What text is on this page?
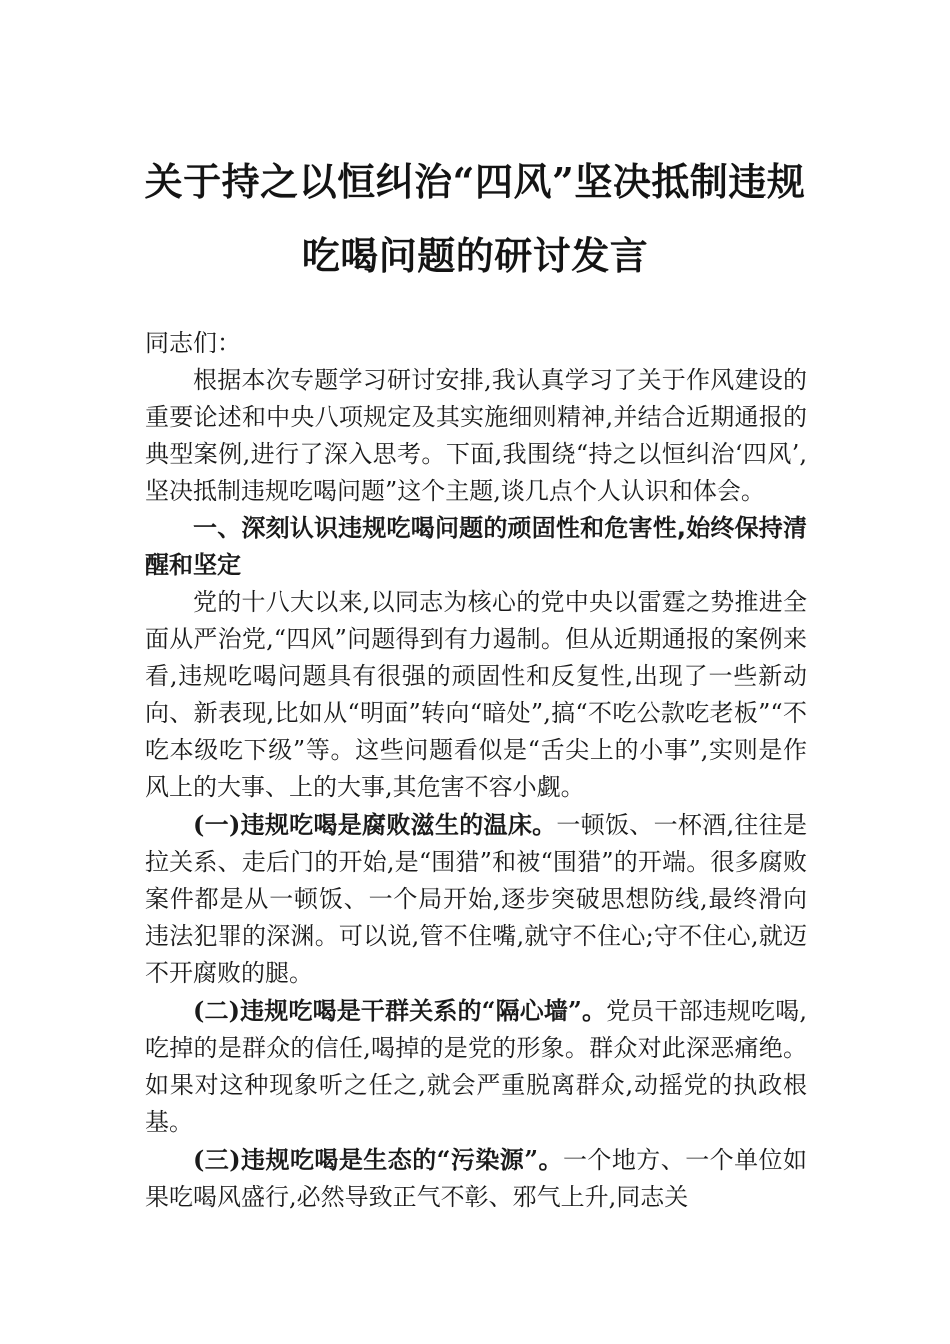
关于持之以恒纠治“四风”坚决抵制违规
吃喝问题的研讨发言

同志们：

根据本次专题学习研讨安排,我认真学习了关于作风建设的重要论述和中央八项规定及其实施细则精神,并结合近期通报的典型案例,进行了深入思考。下面,我围绕“持之以恒纠治‘四风’,坚决抵制违规吃喝问题”这个主题,谈几点个人认识和体会。

一、深刻认识违规吃喝问题的顽固性和危害性,始终保持清醒和坚定

党的十八大以来,以同志为核心的党中央以雷霆之势推进全面从严治党,“四风”问题得到有力遏制。但从近期通报的案例来看,违规吃喝问题具有很强的顽固性和反复性,出现了一些新动向、新表现,比如从“明面”转向“暗处”,搞“不吃公款吃老板”“不吃本级吃下级”等。这些问题看似是“舌尖上的小事”,实则是作风上的大事、上的大事,其危害不容小觑。

(一)违规吃喝是腐败滋生的温床。一顿饭、一杯酒,往往是拉关系、走后门的开始,是“围猎”和被“围猎”的开端。很多腐败案件都是从一顿饭、一个局开始,逐步突破思想防线,最终滑向违法犯罪的深渊。可以说,管不住嘴,就守不住心;守不住心,就迈不开腐败的腿。

(二)违规吃喝是干群关系的“隔心墙”。党员干部违规吃喝,吃掉的是群众的信任,喝掉的是党的形象。群众对此深恶痛绝。如果对这种现象听之任之,就会严重脱离群众,动摇党的执政根基。

(三)违规吃喝是生态的“污染源”。一个地方、一个单位如果吃喝风盛行,必然导致正气不彰、邪气上升,同志关
